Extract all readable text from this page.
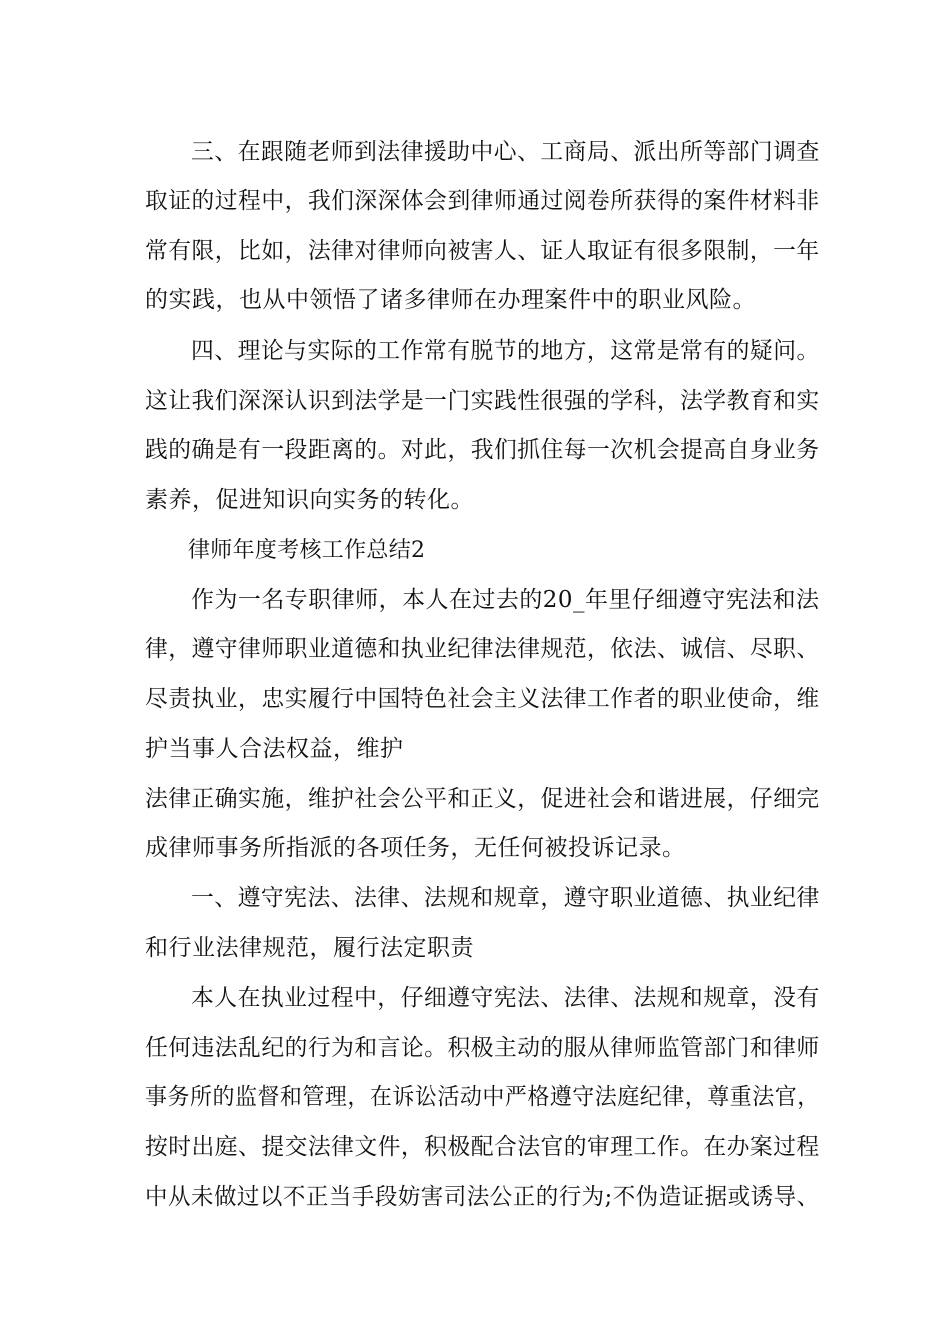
三、在跟随老师到法律援助中心、工商局、派出所等部门调查
取证的过程中，我们深深体会到律师通过阅卷所获得的案件材料非
常有限，比如，法律对律师向被害人、证人取证有很多限制，一年
的实践，也从中领悟了诸多律师在办理案件中的职业风险。
四、理论与实际的工作常有脱节的地方，这常是常有的疑问。
这让我们深深认识到法学是一门实践性很强的学科，法学教育和实
践的确是有一段距离的。对此，我们抓住每一次机会提高自身业务
素养，促进知识向实务的转化。
律师年度考核工作总结2
作为一名专职律师，本人在过去的20_年里仔细遵守宪法和法
律，遵守律师职业道德和执业纪律法律规范，依法、诚信、尽职、
尽责执业，忠实履行中国特色社会主义法律工作者的职业使命，维
护当事人合法权益，维护
法律正确实施，维护社会公平和正义，促进社会和谐进展，仔细完
成律师事务所指派的各项任务，无任何被投诉记录。
一、遵守宪法、法律、法规和规章，遵守职业道德、执业纪律
和行业法律规范，履行法定职责
本人在执业过程中，仔细遵守宪法、法律、法规和规章，没有
任何违法乱纪的行为和言论。积极主动的服从律师监管部门和律师
事务所的监督和管理，在诉讼活动中严格遵守法庭纪律，尊重法官，
按时出庭、提交法律文件，积极配合法官的审理工作。在办案过程
中从未做过以不正当手段妨害司法公正的行为;不伪造证据或诱导、
